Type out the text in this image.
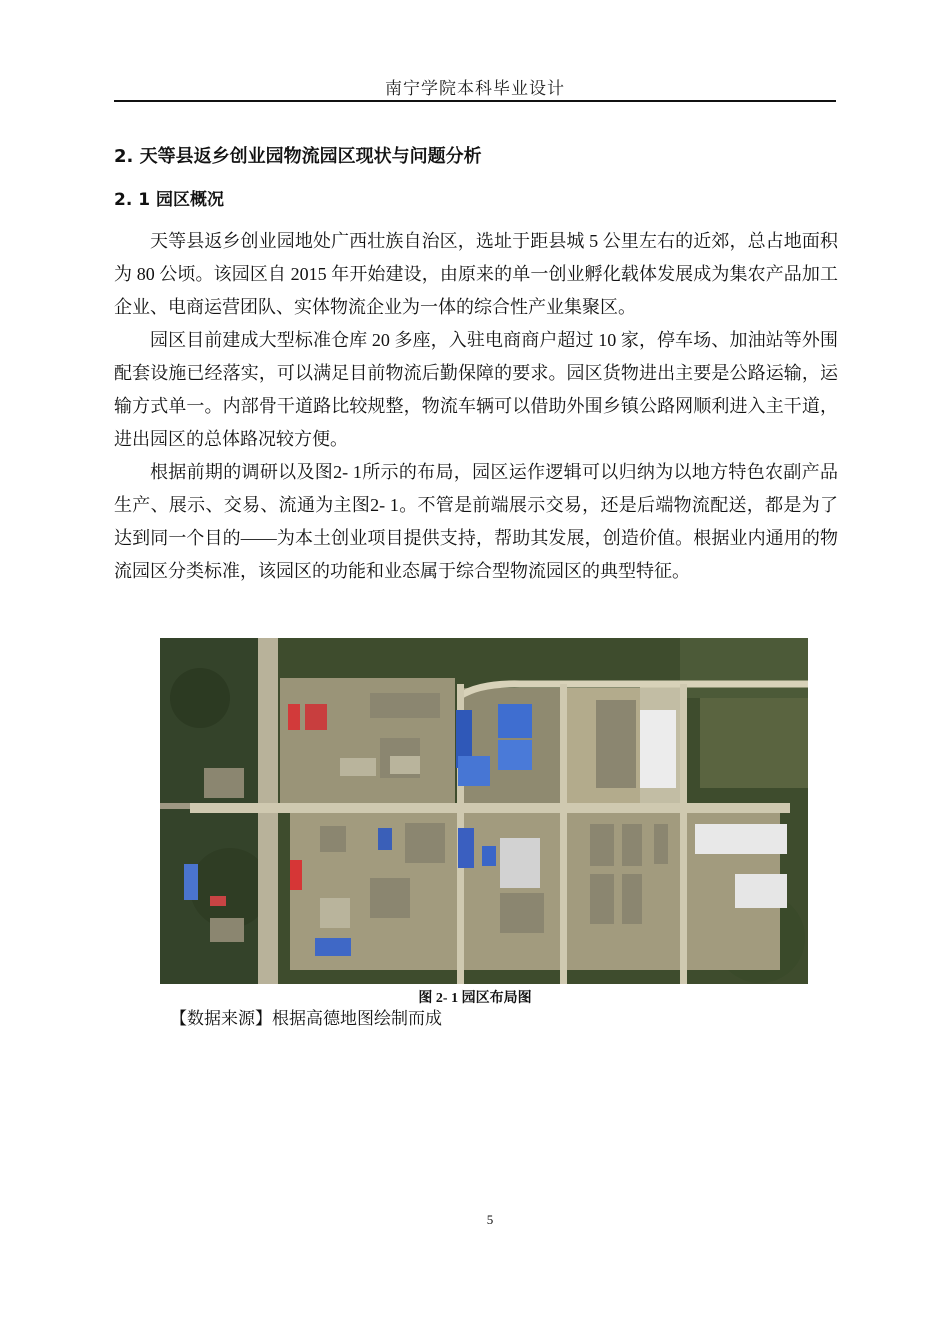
南宁学院本科毕业设计
2. 天等县返乡创业园物流园区现状与问题分析
2. 1 园区概况

天等县返乡创业园地处广西壮族自治区，选址于距县城 5 公里左右的近郊，总占地面积为 80 公顷。该园区自 2015 年开始建设，由原来的单一创业孵化载体发展成为集农产品加工企业、电商运营团队、实体物流企业为一体的综合性产业集聚区。

园区目前建成大型标准仓库 20 多座，入驻电商商户超过 10 家，停车场、加油站等外围配套设施已经落实，可以满足目前物流后勤保障的要求。园区货物进出主要是公路运输，运输方式单一。内部骨干道路比较规整，物流车辆可以借助外围乡镇公路网顺利进入主干道，进出园区的总体路况较方便。

根据前期的调研以及图2- 1所示的布局，园区运作逻辑可以归纳为以地方特色农副产品生产、展示、交易、流通为主图2- 1。不管是前端展示交易，还是后端物流配送，都是为了达到同一个目的——为本土创业项目提供支持，帮助其发展，创造价值。根据业内通用的物流园区分类标准，该园区的功能和业态属于综合型物流园区的典型特征。

图 2- 1 园区布局图
【数据来源】根据高德地图绘制而成
5
